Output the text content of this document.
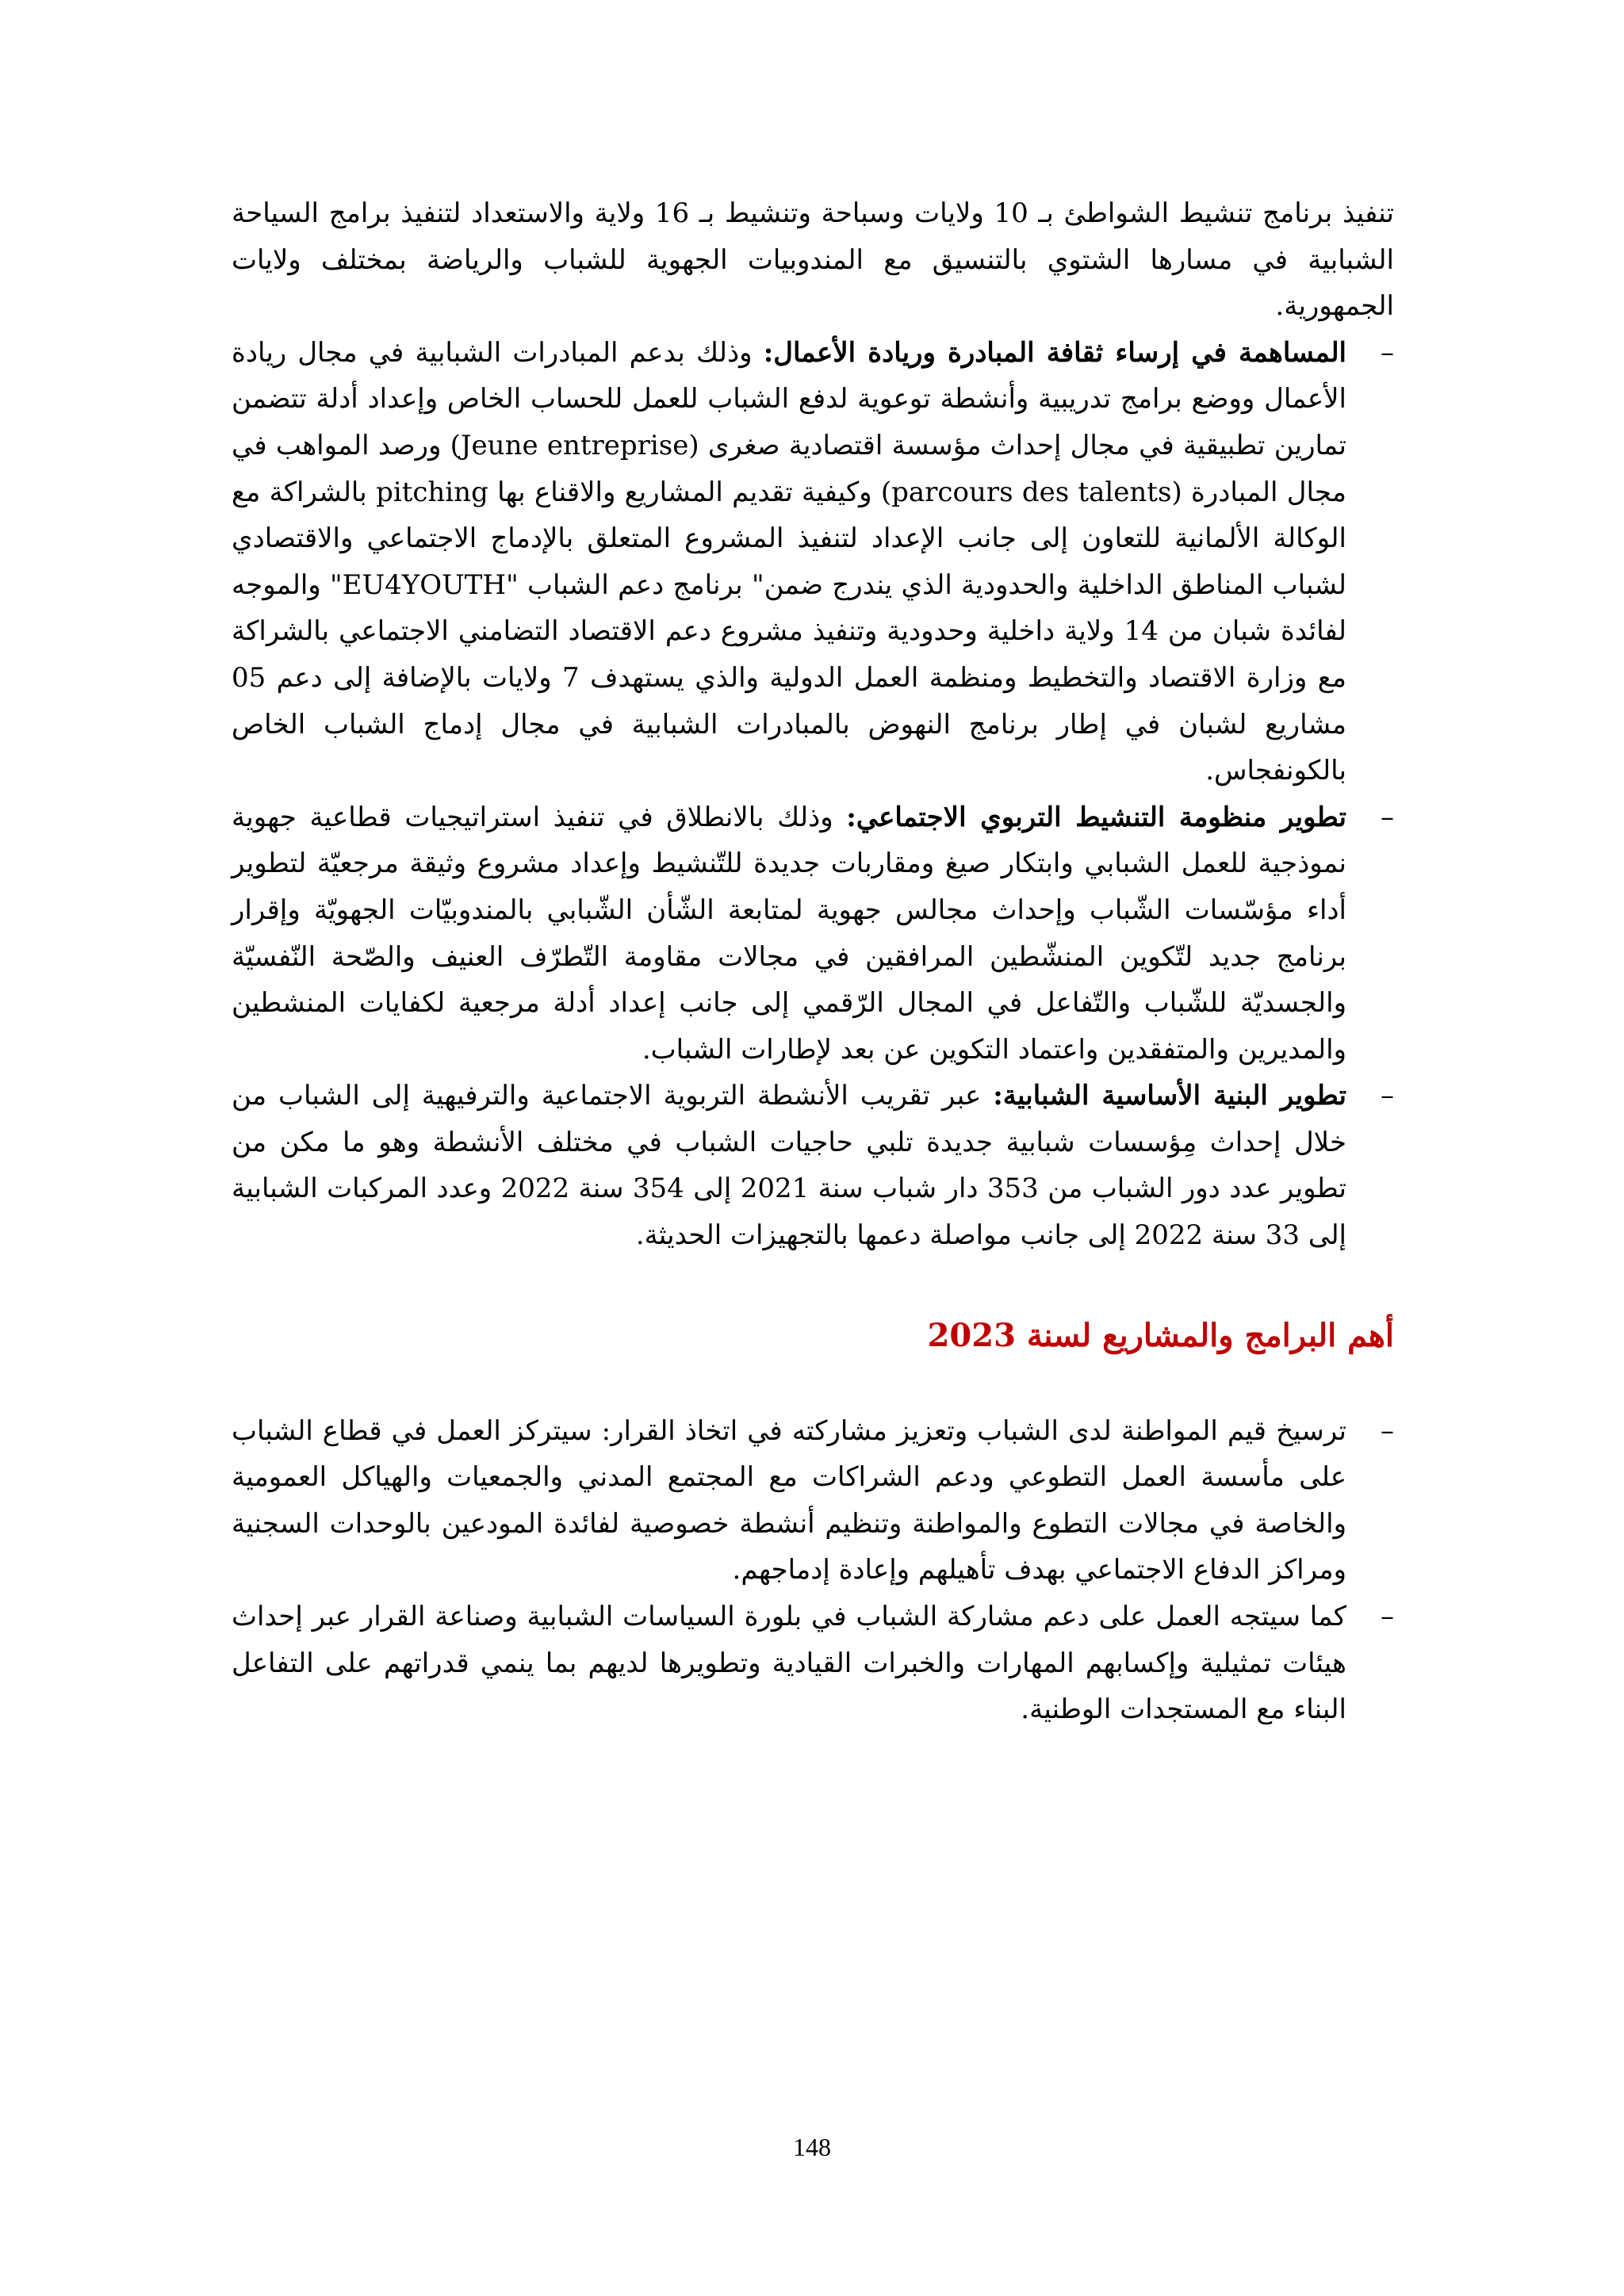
تنفيذ برنامج تنشيط الشواطئ بـ 10 ولايات وسباحة وتنشيط بـ 16 ولاية والاستعداد لتنفيذ برامج السياحة الشبابية في مسارها الشتوي بالتنسيق مع المندوبيات الجهوية للشباب والرياضة بمختلف ولايات الجمهورية.

–
المساهمة في إرساء ثقافة المبادرة وريادة الأعمال: وذلك بدعم المبادرات الشبابية في مجال ريادة الأعمال ووضع برامج تدريبية وأنشطة توعوية لدفع الشباب للعمل للحساب الخاص وإعداد أدلة تتضمن تمارين تطبيقية في مجال إحداث مؤسسة اقتصادية صغرى (Jeune entreprise) ورصد المواهب في مجال المبادرة (parcours des talents) وكيفية تقديم المشاريع والاقناع بها pitching بالشراكة مع الوكالة الألمانية للتعاون إلى جانب الإعداد لتنفيذ المشروع المتعلق بالإدماج الاجتماعي والاقتصادي لشباب المناطق الداخلية والحدودية الذي يندرج ضمن" برنامج دعم الشباب "EU4YOUTH" والموجه لفائدة شبان من 14 ولاية داخلية وحدودية وتنفيذ مشروع دعم الاقتصاد التضامني الاجتماعي بالشراكة مع وزارة الاقتصاد والتخطيط ومنظمة العمل الدولية والذي يستهدف 7 ولايات بالإضافة إلى دعم 05 مشاريع لشبان في إطار برنامج النهوض بالمبادرات الشبابية في مجال إدماج الشباب الخاص بالكونفجاس.

–
تطوير منظومة التنشيط التربوي الاجتماعي: وذلك بالانطلاق في تنفيذ استراتيجيات قطاعية جهوية نموذجية للعمل الشبابي وابتكار صيغ ومقاربات جديدة للتّنشيط وإعداد مشروع وثيقة مرجعيّة لتطوير أداء مؤسّسات الشّباب وإحداث مجالس جهوية لمتابعة الشّأن الشّبابي بالمندوبيّات الجهويّة وإقرار برنامج جديد لتّكوين المنشّطين المرافقين في مجالات مقاومة التّطرّف العنيف والصّحة النّفسيّة والجسديّة للشّباب والتّفاعل في المجال الرّقمي إلى جانب إعداد أدلة مرجعية لكفايات المنشطين والمديرين والمتفقدين واعتماد التكوين عن بعد لإطارات الشباب.

–
تطوير البنية الأساسية الشبابية: عبر تقريب الأنشطة التربوية الاجتماعية والترفيهية إلى الشباب من خلال إحداث مِؤسسات شبابية جديدة تلبي حاجيات الشباب في مختلف الأنشطة وهو ما مكن من تطوير عدد دور الشباب من 353 دار شباب سنة 2021 إلى 354 سنة 2022 وعدد المركبات الشبابية إلى 33 سنة 2022 إلى جانب مواصلة دعمها بالتجهيزات الحديثة.

أهم البرامج والمشاريع لسنة 2023

–
ترسيخ قيم المواطنة لدى الشباب وتعزيز مشاركته في اتخاذ القرار: سيتركز العمل في قطاع الشباب على مأسسة العمل التطوعي ودعم الشراكات مع المجتمع المدني والجمعيات والهياكل العمومية والخاصة في مجالات التطوع والمواطنة وتنظيم أنشطة خصوصية لفائدة المودعين بالوحدات السجنية ومراكز الدفاع الاجتماعي بهدف تأهيلهم وإعادة إدماجهم.

–
كما سيتجه العمل على دعم مشاركة الشباب في بلورة السياسات الشبابية وصناعة القرار عبر إحداث هيئات تمثيلية وإكسابهم المهارات والخبرات القيادية وتطويرها لديهم بما ينمي قدراتهم على التفاعل البناء مع المستجدات الوطنية.

148
